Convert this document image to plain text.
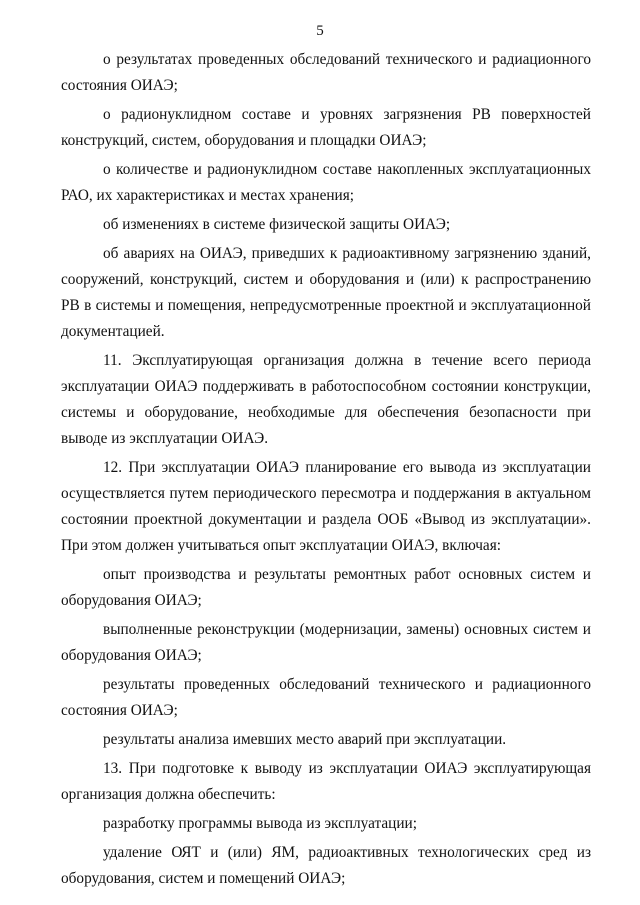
5

о результатах проведенных обследований технического и радиационного состояния ОИАЭ;

о радионуклидном составе и уровнях загрязнения РВ поверхностей конструкций, систем, оборудования и площадки ОИАЭ;

о количестве и радионуклидном составе накопленных эксплуатационных РАО, их характеристиках и местах хранения;

об изменениях в системе физической защиты ОИАЭ;

об авариях на ОИАЭ, приведших к радиоактивному загрязнению зданий, сооружений, конструкций, систем и оборудования и (или) к распространению РВ в системы и помещения, непредусмотренные проектной и эксплуатационной документацией.

11. Эксплуатирующая организация должна в течение всего периода эксплуатации ОИАЭ поддерживать в работоспособном состоянии конструкции, системы и оборудование, необходимые для обеспечения безопасности при выводе из эксплуатации ОИАЭ.

12. При эксплуатации ОИАЭ планирование его вывода из эксплуатации осуществляется путем периодического пересмотра и поддержания в актуальном состоянии проектной документации и раздела ООБ «Вывод из эксплуатации». При этом должен учитываться опыт эксплуатации ОИАЭ, включая:

опыт производства и результаты ремонтных работ основных систем и оборудования ОИАЭ;

выполненные реконструкции (модернизации, замены) основных систем и оборудования ОИАЭ;

результаты проведенных обследований технического и радиационного состояния ОИАЭ;

результаты анализа имевших место аварий при эксплуатации.

13. При подготовке к выводу из эксплуатации ОИАЭ эксплуатирующая организация должна обеспечить:

разработку программы вывода из эксплуатации;

удаление ОЯТ и (или) ЯМ, радиоактивных технологических сред из оборудования, систем и помещений ОИАЭ;
